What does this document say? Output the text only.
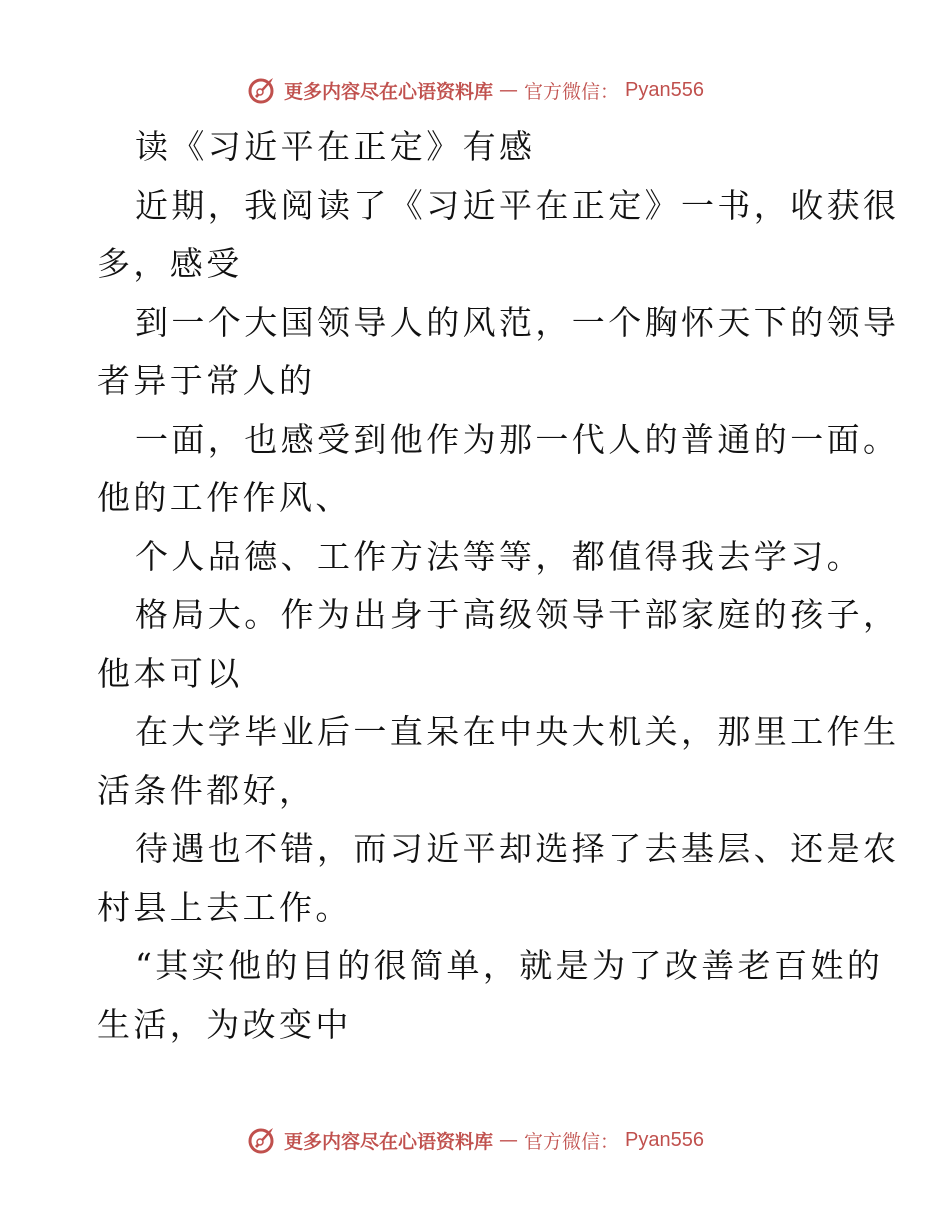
更多内容尽在心语资料库 — 官方微信： Pyan556
读《习近平在正定》有感
近期，我阅读了《习近平在正定》一书，收获很
多，感受
到一个大国领导人的风范，一个胸怀天下的领导
者异于常人的
一面，也感受到他作为那一代人的普通的一面。
他的工作作风、
个人品德、工作方法等等，都值得我去学习。
格局大。作为出身于高级领导干部家庭的孩子，
他本可以
在大学毕业后一直呆在中央大机关，那里工作生
活条件都好，
待遇也不错，而习近平却选择了去基层、还是农
村县上去工作。
“其实他的目的很简单，就是为了改善老百姓的
生活，为改变中
更多内容尽在心语资料库 — 官方微信： Pyan556
